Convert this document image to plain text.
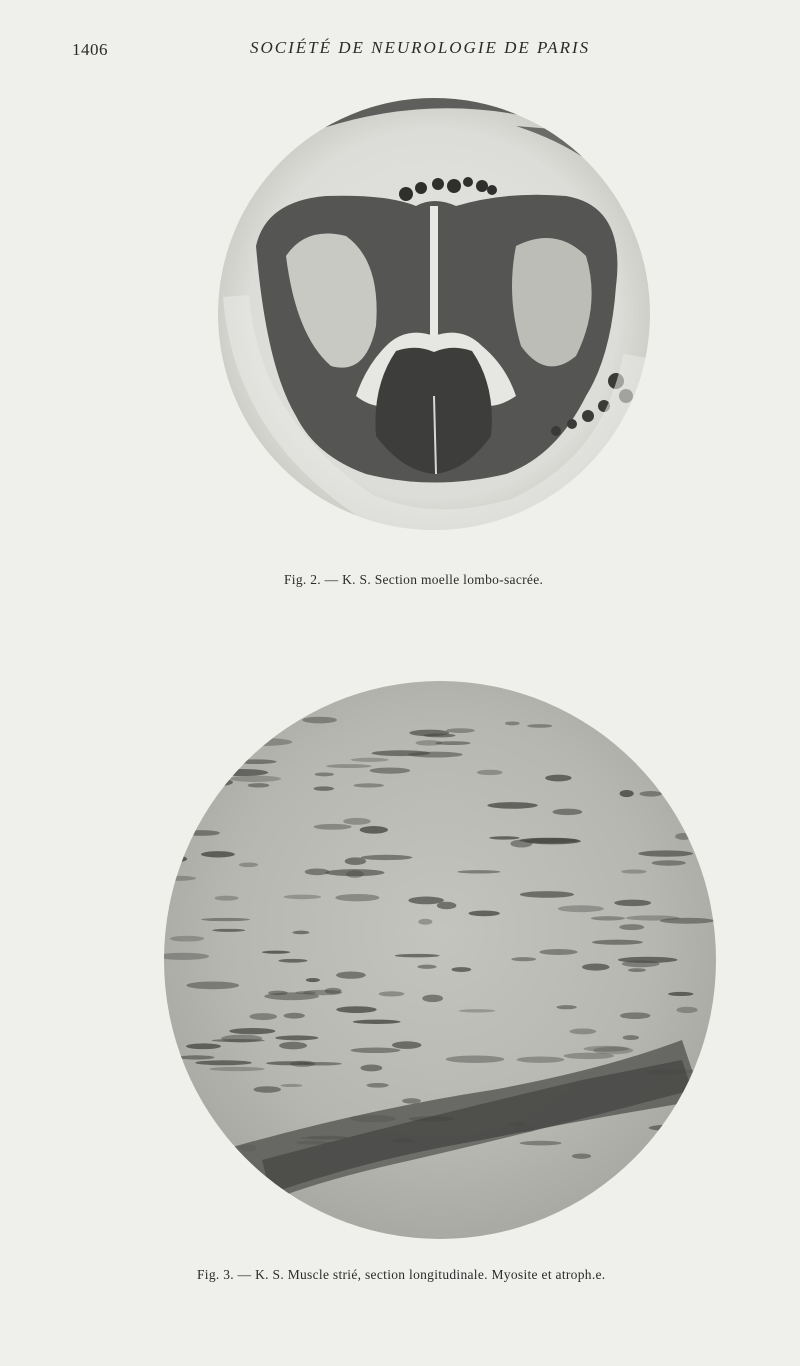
1406	SOCIÉTÉ DE NEUROLOGIE DE PARIS
Fig. 2. — K. S. Section moelle lombo-sacrée.
Fig. 3. — K. S. Muscle strié, section longitudinale. Myosite et atroph.e.
